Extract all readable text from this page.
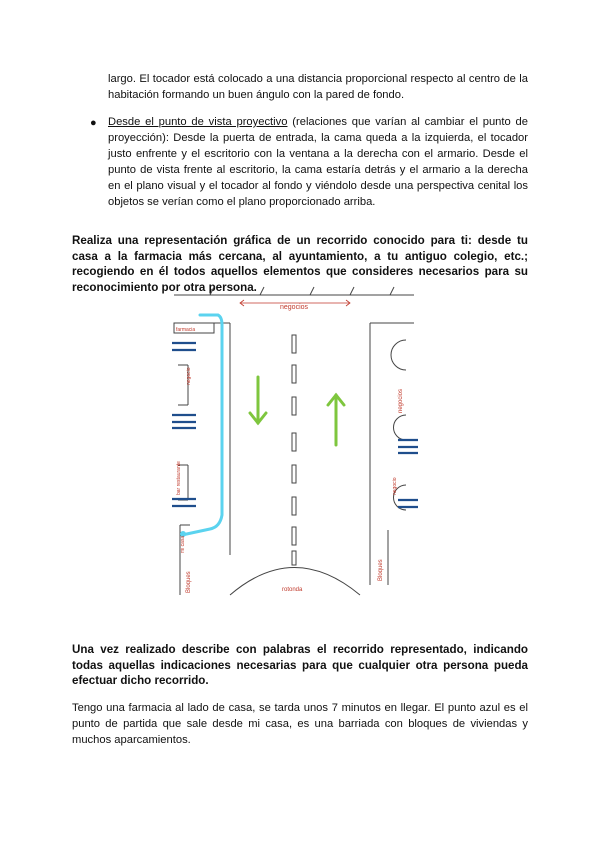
largo. El tocador está colocado a una distancia proporcional respecto al centro de la habitación formando un buen ángulo con la pared de fondo.
● Desde el punto de vista proyectivo (relaciones que varían al cambiar el punto de proyección): Desde la puerta de entrada, la cama queda a la izquierda, el tocador justo enfrente y el escritorio con la ventana a la derecha con el armario. Desde el punto de vista frente al escritorio, la cama estaría detrás y el armario a la derecha en el plano visual y el tocador al fondo y viéndolo desde una perspectiva cenital los objetos se verían como el plano proporcionado arriba.
Realiza una representación gráfica de un recorrido conocido para ti: desde tu casa a la farmacia más cercana, al ayuntamiento, a tu antiguo colegio, etc.; recogiendo en él todos aquellos elementos que consideres necesarios para su reconocimiento por otra persona.
negocios
rotonda
farmacia
negocio
bar restaurante
mi casa
Bloques
negocios
negocio
Bloques
Una vez realizado describe con palabras el recorrido representado, indicando todas aquellas indicaciones necesarias para que cualquier otra persona pueda efectuar dicho recorrido.
Tengo una farmacia al lado de casa, se tarda unos 7 minutos en llegar. El punto azul es el punto de partida que sale desde mi casa, es una barriada con bloques de viviendas y muchos aparcamientos.
